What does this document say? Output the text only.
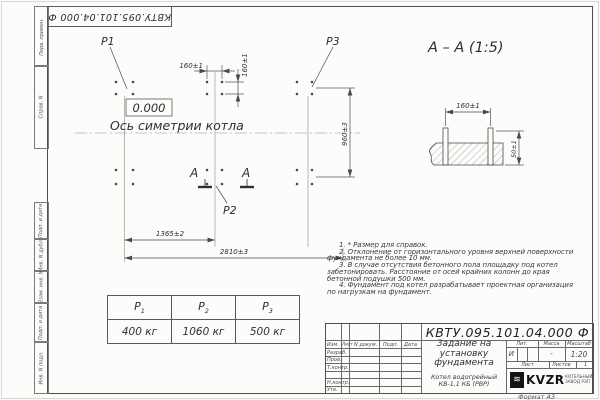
Перв. примен.
Справ. N
Подп. и дата
Инв. N дубл.
Взам. инв. N
Подп. и дата
Инв. N подл.
КВТУ.095.101.04.000 Ф
P1	P3
P2
0.000
Ось симетрии котла
А	А
160±1	160±1
960±3
1365±2
2810±3
А – А (1:5)
160±1
50±1

1. * Размер для справок.

2. Отклонение от горизонтального уровня верхней поверхности фундамента не более 10 мм.

3. В случае отсутствия бетонного пола площадку под котел забетонировать. Расстояние от осей крайних колонн до края бетонной подушки 500 мм.

4. Фундамент под котел разрабатывает проектная организация по нагрузкам на фундамент.

$P_1$	$P_2$	$P_3$
400 кг	1060 кг	500 кг
Изм. Лист N докум. Подп. Дата
Разраб.
Пров.
Т.контр.
Н.контр.
Утв.
КВТУ.095.101.04.000 Ф
Задание на
установку
фундамента
Котел водогрейный
КВ-1,1 КБ (РВР)
Лит.	Масса	Масштаб
И	-	1:20
Лист	Листов	1
≋ KVZR КОТЕЛЬНЫЙ
ЗАВОД РЭП
Формат А3
